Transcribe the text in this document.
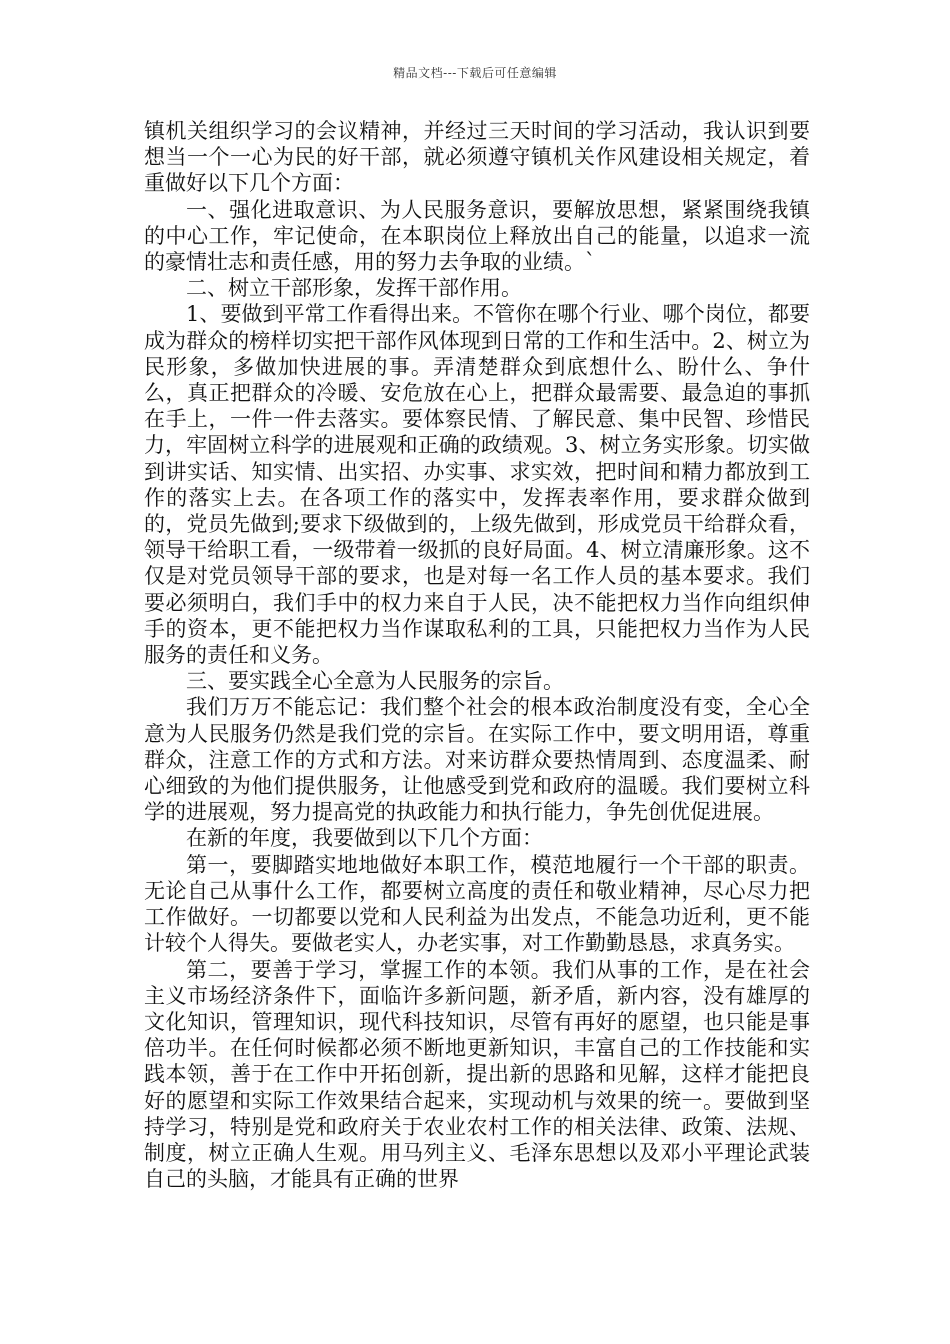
精品文档---下载后可任意编辑

镇机关组织学习的会议精神，并经过三天时间的学习活动，我认识到要想当一个一心为民的好干部，就必须遵守镇机关作风建设相关规定，着重做好以下几个方面：

一、强化进取意识、为人民服务意识，要解放思想，紧紧围绕我镇的中心工作，牢记使命，在本职岗位上释放出自己的能量，以追求一流的豪情壮志和责任感，用的努力去争取的业绩。`

二、树立干部形象，发挥干部作用。

1、要做到平常工作看得出来。不管你在哪个行业、哪个岗位，都要成为群众的榜样切实把干部作风体现到日常的工作和生活中。2、树立为民形象，多做加快进展的事。弄清楚群众到底想什么、盼什么、争什么，真正把群众的冷暖、安危放在心上，把群众最需要、最急迫的事抓在手上，一件一件去落实。要体察民情、了解民意、集中民智、珍惜民力，牢固树立科学的进展观和正确的政绩观。3、树立务实形象。切实做到讲实话、知实情、出实招、办实事、求实效，把时间和精力都放到工作的落实上去。在各项工作的落实中，发挥表率作用，要求群众做到的，党员先做到;要求下级做到的，上级先做到，形成党员干给群众看，领导干给职工看，一级带着一级抓的良好局面。4、树立清廉形象。这不仅是对党员领导干部的要求，也是对每一名工作人员的基本要求。我们要必须明白，我们手中的权力来自于人民，决不能把权力当作向组织伸手的资本，更不能把权力当作谋取私利的工具，只能把权力当作为人民服务的责任和义务。

三、要实践全心全意为人民服务的宗旨。

我们万万不能忘记：我们整个社会的根本政治制度没有变，全心全意为人民服务仍然是我们党的宗旨。在实际工作中，要文明用语，尊重群众，注意工作的方式和方法。对来访群众要热情周到、态度温柔、耐心细致的为他们提供服务，让他感受到党和政府的温暖。我们要树立科学的进展观，努力提高党的执政能力和执行能力，争先创优促进展。

在新的年度，我要做到以下几个方面：

第一，要脚踏实地地做好本职工作，模范地履行一个干部的职责。无论自己从事什么工作，都要树立高度的责任和敬业精神，尽心尽力把工作做好。一切都要以党和人民利益为出发点，不能急功近利，更不能计较个人得失。要做老实人，办老实事，对工作勤勤恳恳，求真务实。

第二，要善于学习，掌握工作的本领。我们从事的工作，是在社会主义市场经济条件下，面临许多新问题，新矛盾，新内容，没有雄厚的文化知识，管理知识，现代科技知识，尽管有再好的愿望，也只能是事倍功半。在任何时候都必须不断地更新知识，丰富自己的工作技能和实践本领，善于在工作中开拓创新，提出新的思路和见解，这样才能把良好的愿望和实际工作效果结合起来，实现动机与效果的统一。要做到坚持学习，特别是党和政府关于农业农村工作的相关法律、政策、法规、制度，树立正确人生观。用马列主义、毛泽东思想以及邓小平理论武装自己的头脑，才能具有正确的世界
